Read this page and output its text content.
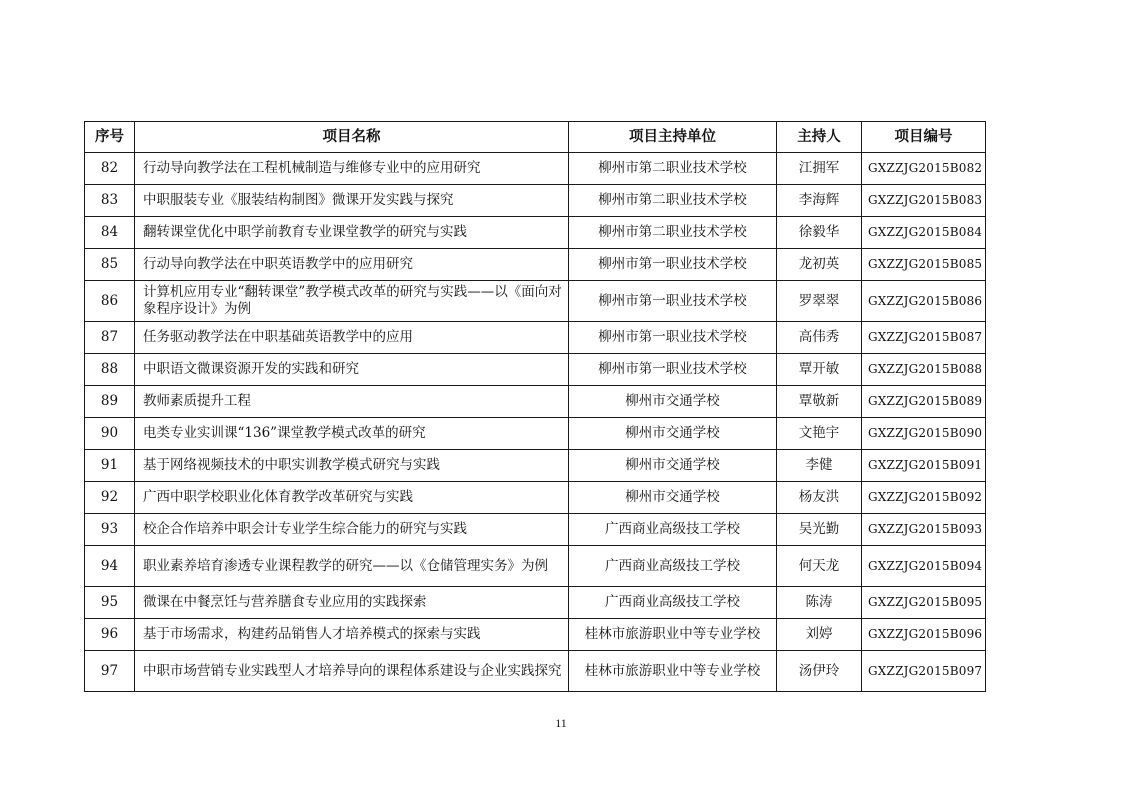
序号	项目名称	项目主持单位	主持人	项目编号
82	行动导向教学法在工程机械制造与维修专业中的应用研究	柳州市第二职业技术学校	江拥军	GXZZJG2015B082
83	中职服装专业《服装结构制图》微课开发实践与探究	柳州市第二职业技术学校	李海辉	GXZZJG2015B083
84	翻转课堂优化中职学前教育专业课堂教学的研究与实践	柳州市第二职业技术学校	徐毅华	GXZZJG2015B084
85	行动导向教学法在中职英语教学中的应用研究	柳州市第一职业技术学校	龙初英	GXZZJG2015B085
86	计算机应用专业“翻转课堂”教学模式改革的研究与实践——以《面向对象程序设计》为例	柳州市第一职业技术学校	罗翠翠	GXZZJG2015B086
87	任务驱动教学法在中职基础英语教学中的应用	柳州市第一职业技术学校	高伟秀	GXZZJG2015B087
88	中职语文微课资源开发的实践和研究	柳州市第一职业技术学校	覃开敏	GXZZJG2015B088
89	教师素质提升工程	柳州市交通学校	覃敬新	GXZZJG2015B089
90	电类专业实训课“136”课堂教学模式改革的研究	柳州市交通学校	文艳宇	GXZZJG2015B090
91	基于网络视频技术的中职实训教学模式研究与实践	柳州市交通学校	李健	GXZZJG2015B091
92	广西中职学校职业化体育教学改革研究与实践	柳州市交通学校	杨友洪	GXZZJG2015B092
93	校企合作培养中职会计专业学生综合能力的研究与实践	广西商业高级技工学校	吴光勤	GXZZJG2015B093
94	职业素养培育渗透专业课程教学的研究——以《仓储管理实务》为例	广西商业高级技工学校	何天龙	GXZZJG2015B094
95	微课在中餐烹饪与营养膳食专业应用的实践探索	广西商业高级技工学校	陈涛	GXZZJG2015B095
96	基于市场需求，构建药品销售人才培养模式的探索与实践	桂林市旅游职业中等专业学校	刘婷	GXZZJG2015B096
97	中职市场营销专业实践型人才培养导向的课程体系建设与企业实践探究	桂林市旅游职业中等专业学校	汤伊玲	GXZZJG2015B097
11
